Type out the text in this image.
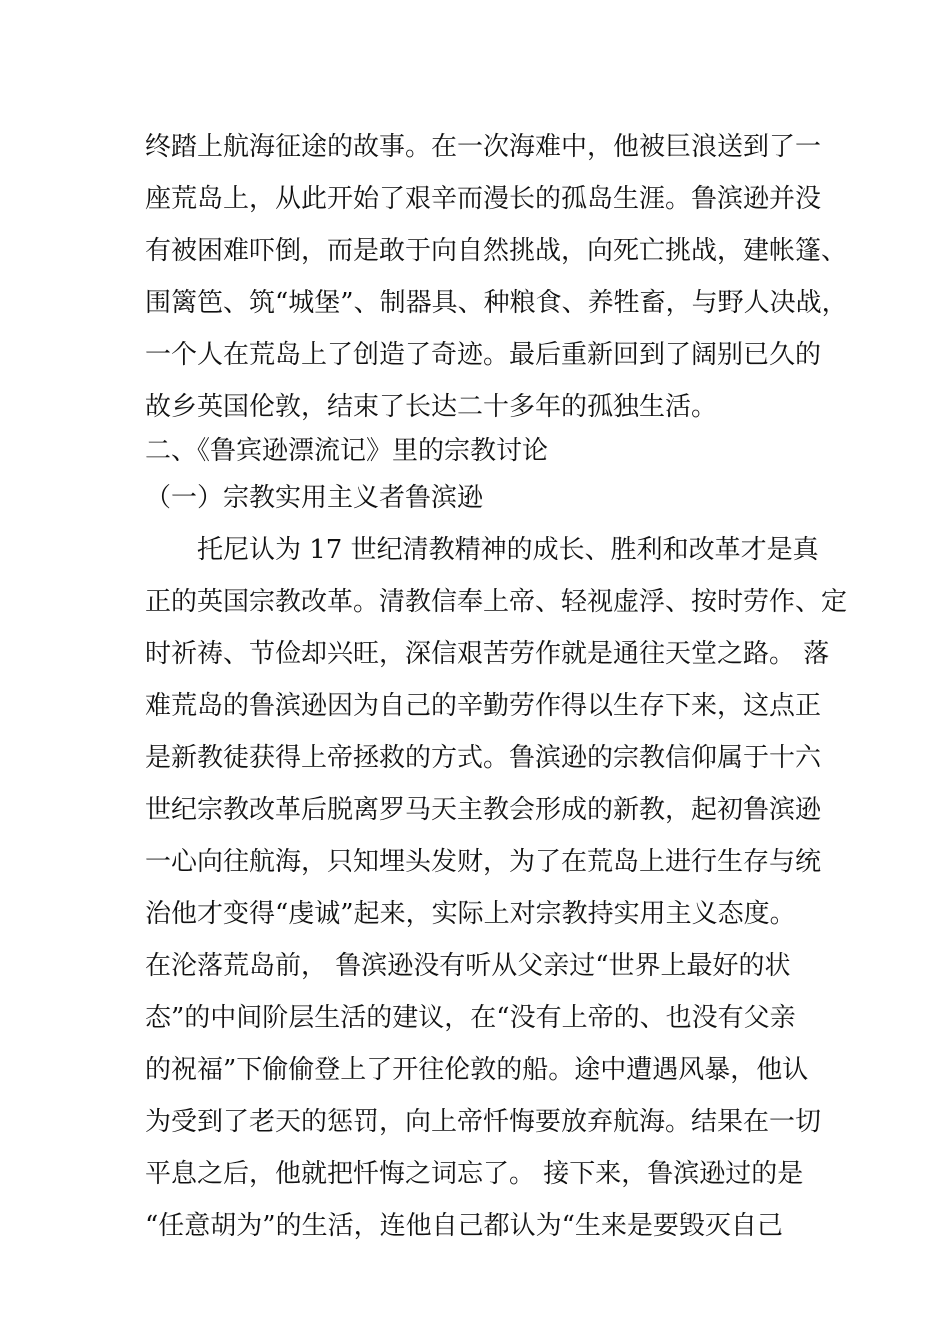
终踏上航海征途的故事。在一次海难中，他被巨浪送到了一
座荒岛上，从此开始了艰辛而漫长的孤岛生涯。鲁滨逊并没
有被困难吓倒，而是敢于向自然挑战，向死亡挑战，建帐篷、
围篱笆、筑“城堡”、制器具、种粮食、养牲畜，与野人决战，
一个人在荒岛上了创造了奇迹。最后重新回到了阔别已久的
故乡英国伦敦，结束了长达二十多年的孤独生活。
二、《鲁宾逊漂流记》里的宗教讨论
（一）宗教实用主义者鲁滨逊
托尼认为 17 世纪清教精神的成长、胜利和改革才是真
正的英国宗教改革。清教信奉上帝、轻视虚浮、按时劳作、定
时祈祷、节俭却兴旺，深信艰苦劳作就是通往天堂之路。 落
难荒岛的鲁滨逊因为自己的辛勤劳作得以生存下来，这点正
是新教徒获得上帝拯救的方式。鲁滨逊的宗教信仰属于十六
世纪宗教改革后脱离罗马天主教会形成的新教，起初鲁滨逊
一心向往航海，只知埋头发财，为了在荒岛上进行生存与统
治他才变得“虔诚”起来，实际上对宗教持实用主义态度。
在沦落荒岛前， 鲁滨逊没有听从父亲过“世界上最好的状
态”的中间阶层生活的建议，在“没有上帝的、也没有父亲
的祝福”下偷偷登上了开往伦敦的船。途中遭遇风暴，他认
为受到了老天的惩罚，向上帝忏悔要放弃航海。结果在一切
平息之后，他就把忏悔之词忘了。 接下来，鲁滨逊过的是
“任意胡为”的生活，连他自己都认为“生来是要毁灭自己
